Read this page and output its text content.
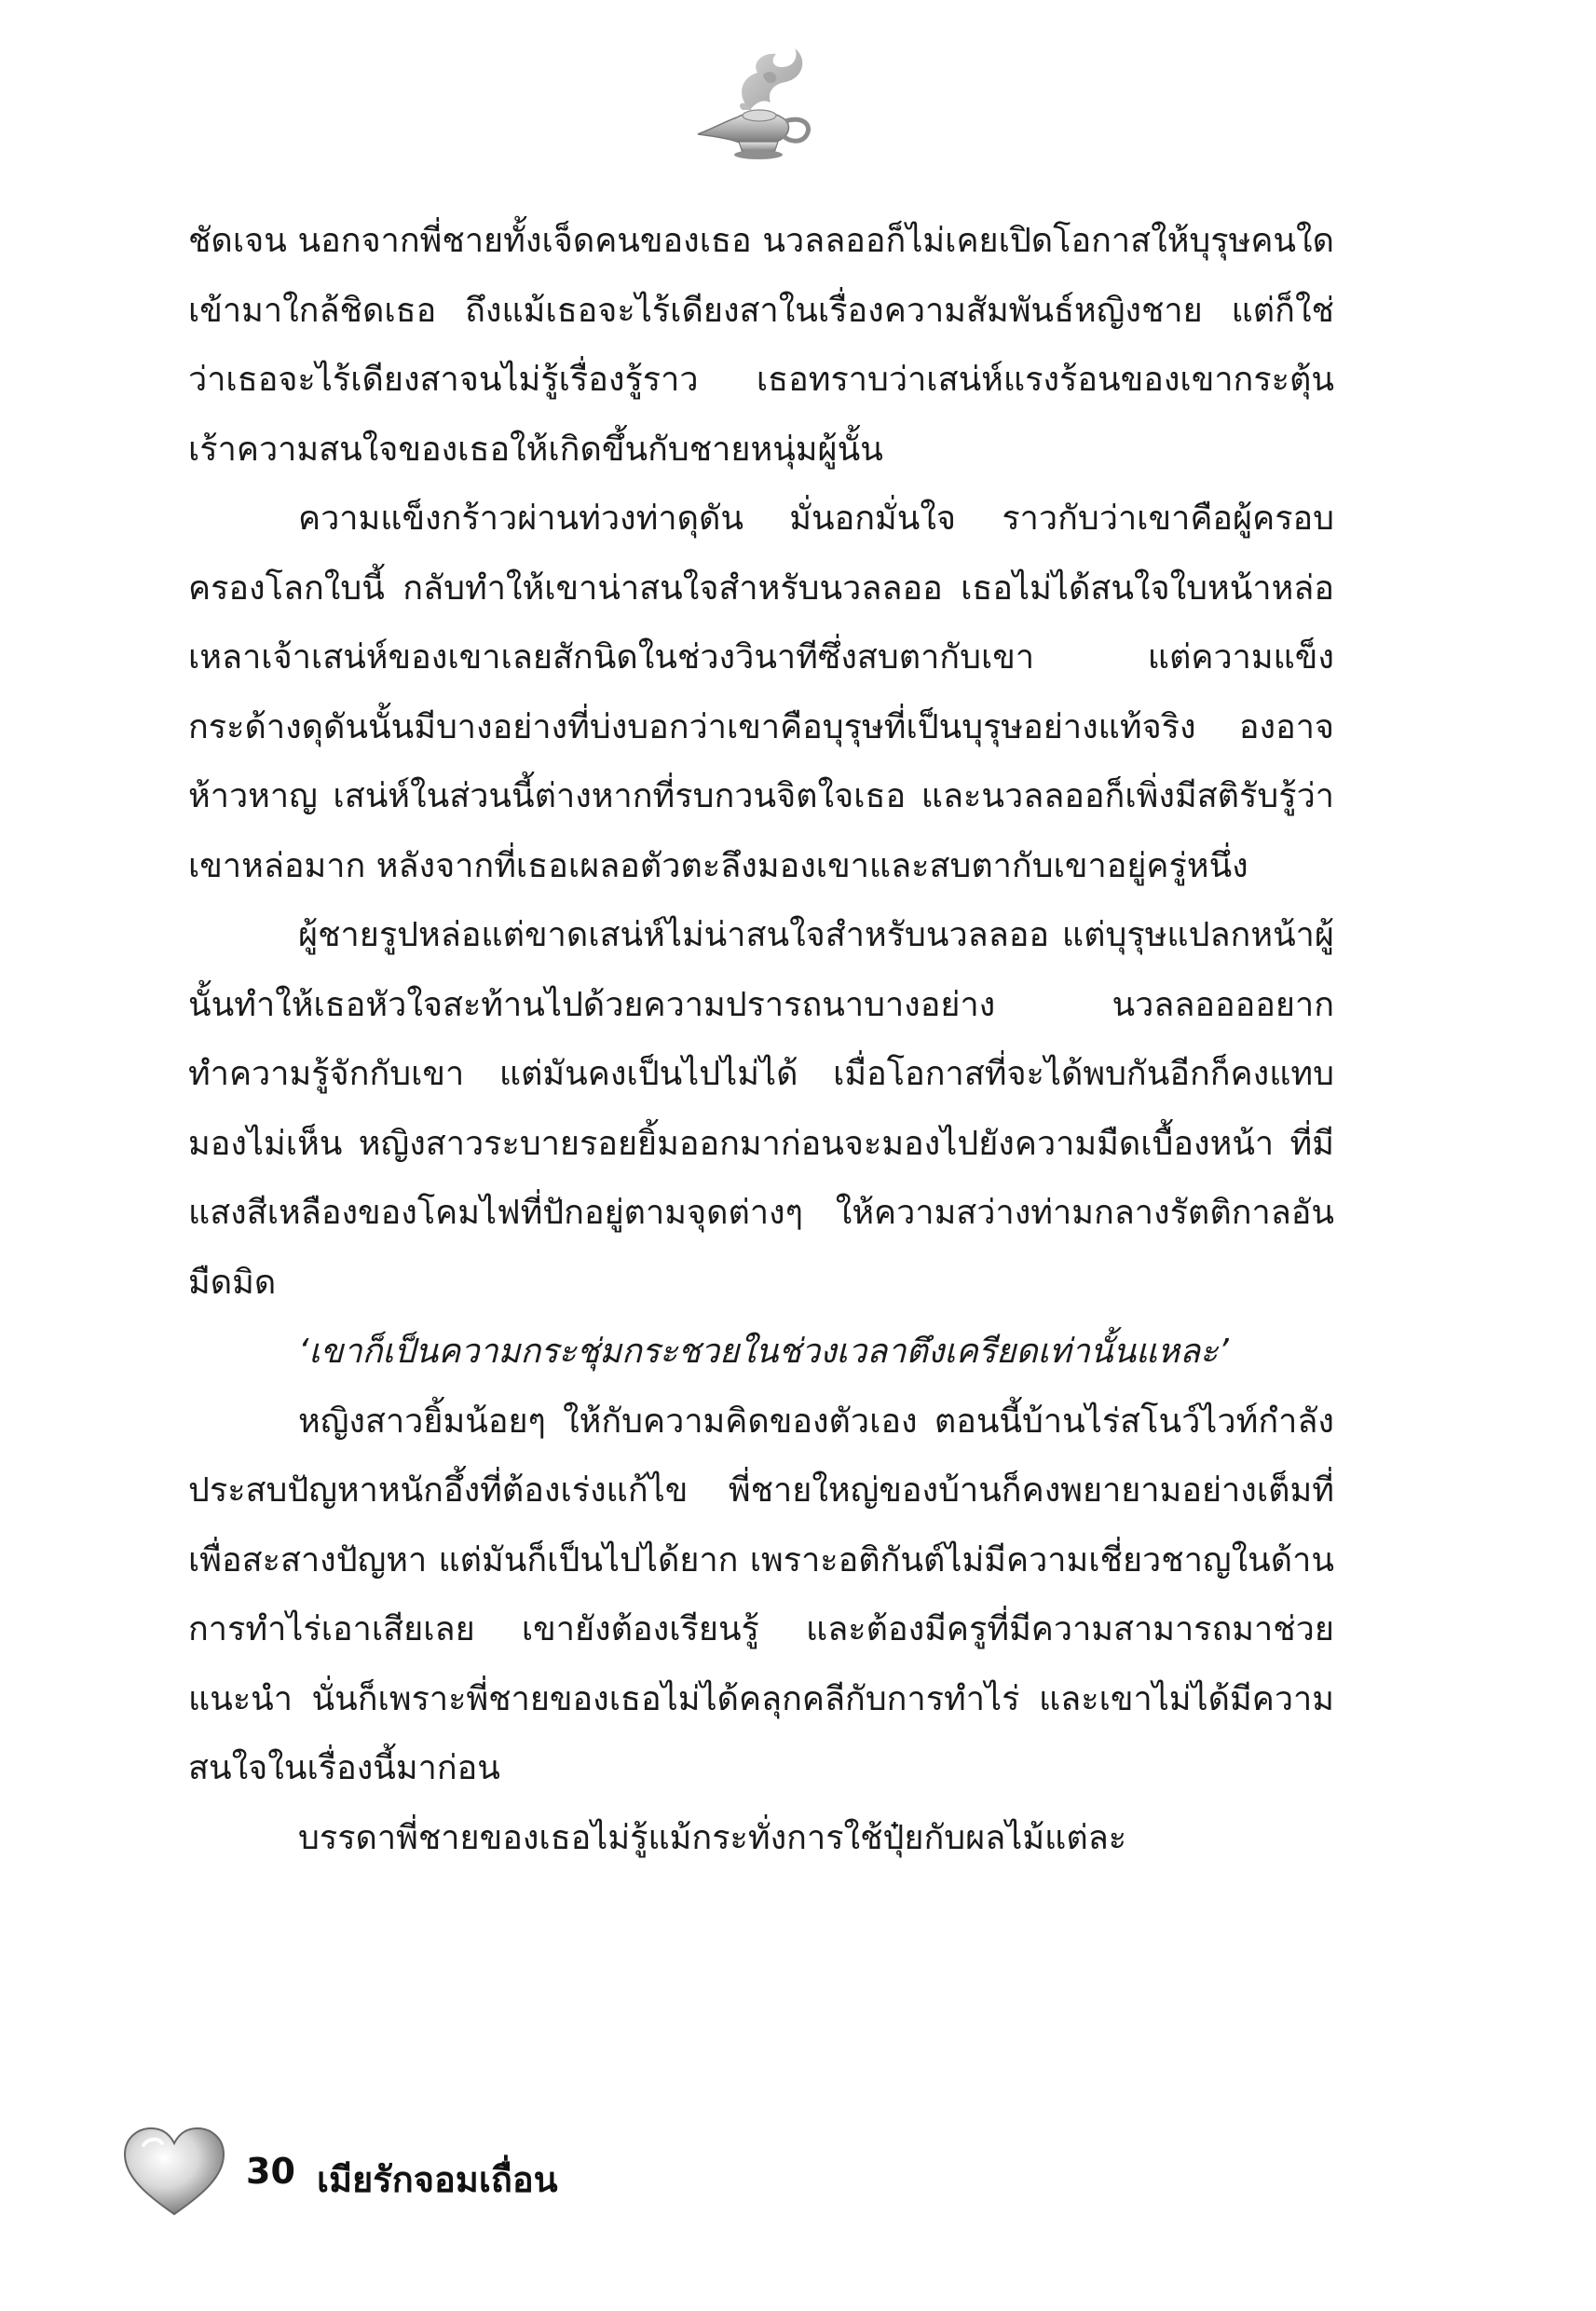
ชัดเจน นอกจากพี่ชายทั้งเจ็ดคนของเธอ นวลลออก็ไม่เคยเปิดโอกาสให้บุรุษคนใดเข้ามาใกล้ชิดเธอ ถึงแม้เธอจะไร้เดียงสาในเรื่องความสัมพันธ์หญิงชาย แต่ก็ใช่ว่าเธอจะไร้เดียงสาจนไม่รู้เรื่องรู้ราว เธอทราบว่าเสน่ห์แรงร้อนของเขากระตุ้นเร้าความสนใจของเธอให้เกิดขึ้นกับชายหนุ่มผู้นั้น

ความแข็งกร้าวผ่านท่วงท่าดุดัน มั่นอกมั่นใจ ราวกับว่าเขาคือผู้ครอบครองโลกใบนี้ กลับทำให้เขาน่าสนใจสำหรับนวลลออ เธอไม่ได้สนใจใบหน้าหล่อเหลาเจ้าเสน่ห์ของเขาเลยสักนิดในช่วงวินาทีซึ่งสบตากับเขา แต่ความแข็งกระด้างดุดันนั้นมีบางอย่างที่บ่งบอกว่าเขาคือบุรุษที่เป็นบุรุษอย่างแท้จริง องอาจ ห้าวหาญ เสน่ห์ในส่วนนี้ต่างหากที่รบกวนจิตใจเธอ และนวลลออก็เพิ่งมีสติรับรู้ว่าเขาหล่อมาก หลังจากที่เธอเผลอตัวตะลึงมองเขาและสบตากับเขาอยู่ครู่หนึ่ง

ผู้ชายรูปหล่อแต่ขาดเสน่ห์ไม่น่าสนใจสำหรับนวลลออ แต่บุรุษแปลกหน้าผู้นั้นทำให้เธอหัวใจสะท้านไปด้วยความปรารถนาบางอย่าง นวลลออออยากทำความรู้จักกับเขา แต่มันคงเป็นไปไม่ได้ เมื่อโอกาสที่จะได้พบกันอีกก็คงแทบมองไม่เห็น หญิงสาวระบายรอยยิ้มออกมาก่อนจะมองไปยังความมืดเบื้องหน้า ที่มีแสงสีเหลืองของโคมไฟที่ปักอยู่ตามจุดต่างๆ ให้ความสว่างท่ามกลางรัตติกาลอันมืดมิด

‘เขาก็เป็นความกระชุ่มกระชวยในช่วงเวลาตึงเครียดเท่านั้นแหละ’

หญิงสาวยิ้มน้อยๆ ให้กับความคิดของตัวเอง ตอนนี้บ้านไร่สโนว์ไวท์กำลังประสบปัญหาหนักอึ้งที่ต้องเร่งแก้ไข พี่ชายใหญ่ของบ้านก็คงพยายามอย่างเต็มที่เพื่อสะสางปัญหา แต่มันก็เป็นไปได้ยาก เพราะอติกันต์ไม่มีความเชี่ยวชาญในด้านการทำไร่เอาเสียเลย เขายังต้องเรียนรู้ และต้องมีครูที่มีความสามารถมาช่วยแนะนำ นั่นก็เพราะพี่ชายของเธอไม่ได้คลุกคลีกับการทำไร่ และเขาไม่ได้มีความสนใจในเรื่องนี้มาก่อน

บรรดาพี่ชายของเธอไม่รู้แม้กระทั่งการใช้ปุ๋ยกับผลไม้แต่ละ

30 เมียรักจอมเถื่อน
